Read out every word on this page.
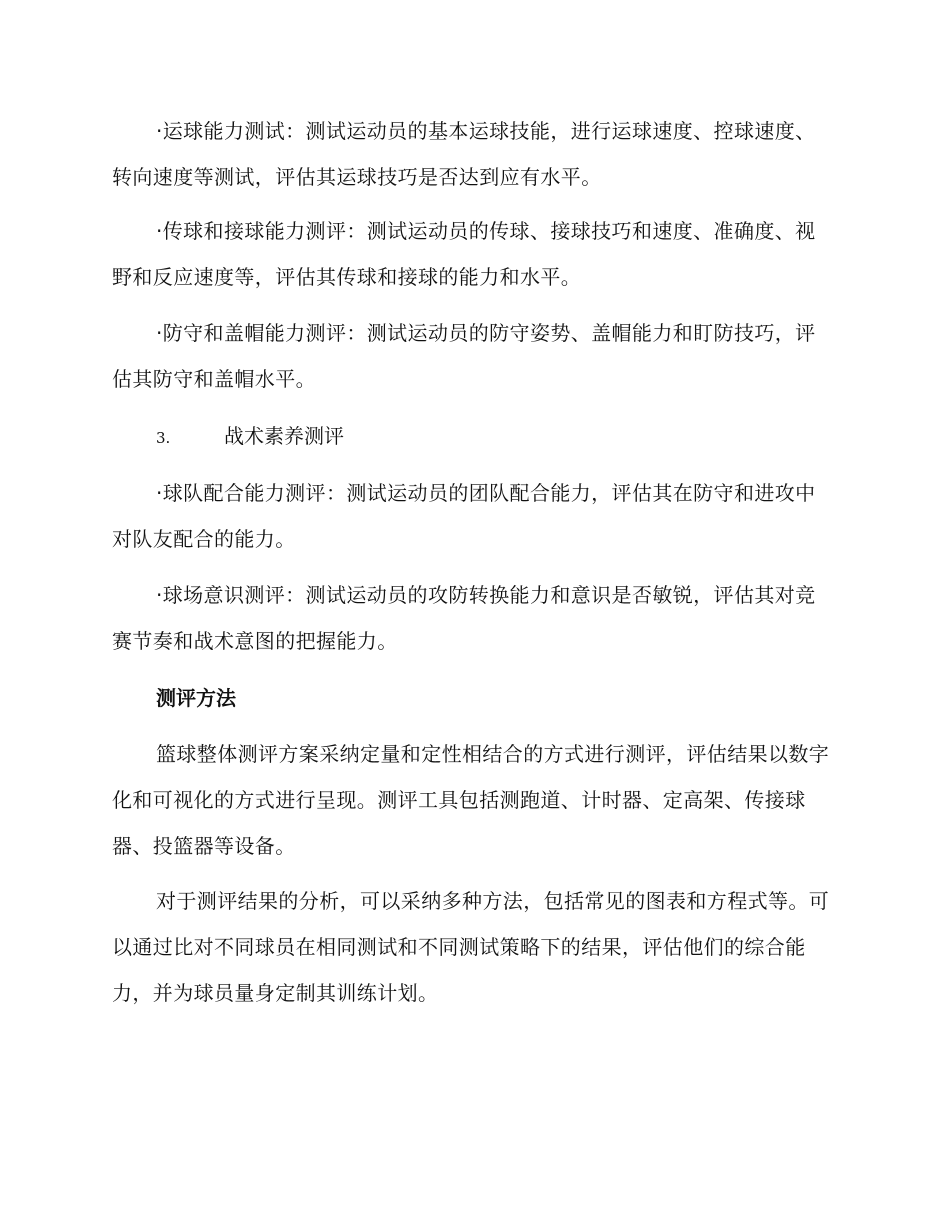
·运球能力测试：测试运动员的基本运球技能，进行运球速度、控球速度、转向速度等测试，评估其运球技巧是否达到应有水平。

·传球和接球能力测评：测试运动员的传球、接球技巧和速度、准确度、视野和反应速度等，评估其传球和接球的能力和水平。

·防守和盖帽能力测评：测试运动员的防守姿势、盖帽能力和盯防技巧，评估其防守和盖帽水平。

3.	战术素养测评

·球队配合能力测评：测试运动员的团队配合能力，评估其在防守和进攻中对队友配合的能力。

·球场意识测评：测试运动员的攻防转换能力和意识是否敏锐，评估其对竞赛节奏和战术意图的把握能力。

测评方法

篮球整体测评方案采纳定量和定性相结合的方式进行测评，评估结果以数字化和可视化的方式进行呈现。测评工具包括测跑道、计时器、定高架、传接球器、投篮器等设备。

对于测评结果的分析，可以采纳多种方法，包括常见的图表和方程式等。可以通过比对不同球员在相同测试和不同测试策略下的结果，评估他们的综合能力，并为球员量身定制其训练计划。
